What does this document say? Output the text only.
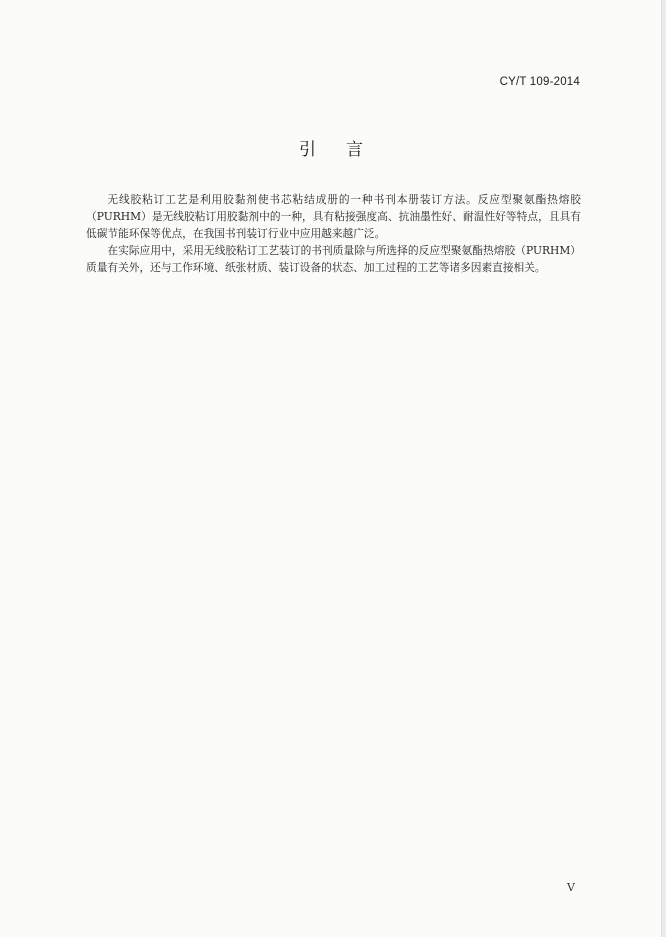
CY/T 109-2014
引言

无线胶粘订工艺是利用胶黏剂使书芯粘结成册的一种书刊本册装订方法。反应型聚氨酯热熔胶（PURHM）是无线胶粘订用胶黏剂中的一种，具有粘接强度高、抗油墨性好、耐温性好等特点，且具有低碳节能环保等优点，在我国书刊装订行业中应用越来越广泛。

在实际应用中，采用无线胶粘订工艺装订的书刊质量除与所选择的反应型聚氨酯热熔胶（PURHM）质量有关外，还与工作环境、纸张材质、装订设备的状态、加工过程的工艺等诸多因素直接相关。

V
